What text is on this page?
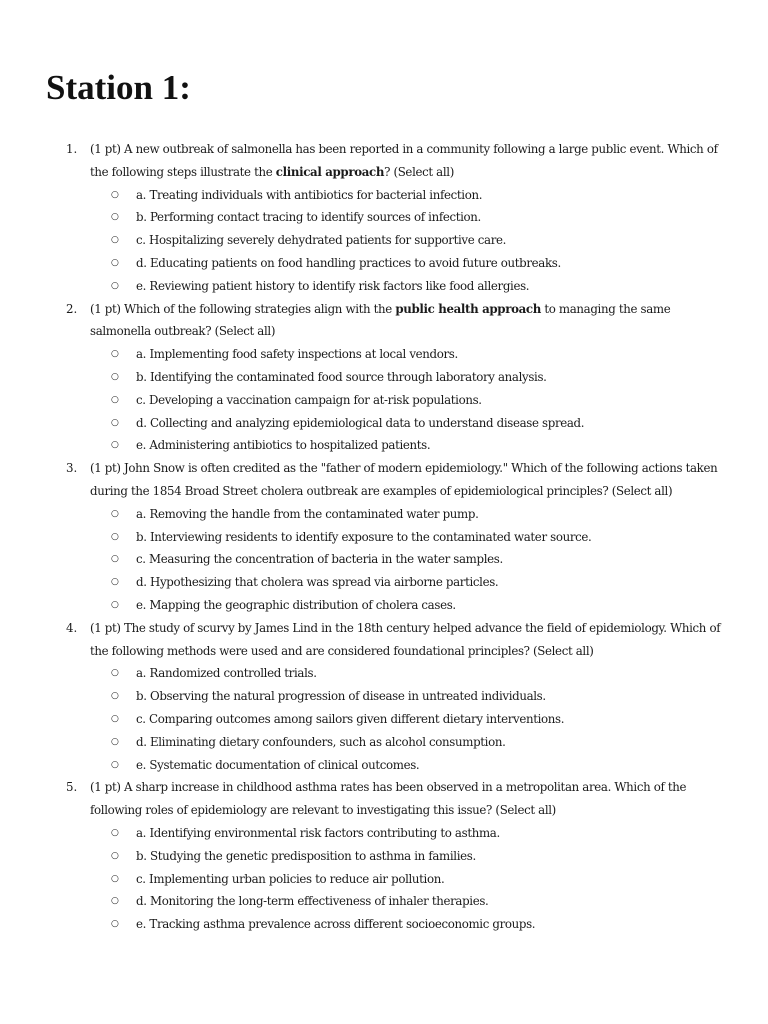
Station 1:
1.	(1 pt) A new outbreak of salmonella has been reported in a community following a large public event. Which of the following steps illustrate the clinical approach? (Select all)

○ a. Treating individuals with antibiotics for bacterial infection.
○ b. Performing contact tracing to identify sources of infection.
○ c. Hospitalizing severely dehydrated patients for supportive care.
○ d. Educating patients on food handling practices to avoid future outbreaks.
○ e. Reviewing patient history to identify risk factors like food allergies.
2.	(1 pt) Which of the following strategies align with the public health approach to managing the same salmonella outbreak? (Select all)

○ a. Implementing food safety inspections at local vendors.
○ b. Identifying the contaminated food source through laboratory analysis.
○ c. Developing a vaccination campaign for at-risk populations.
○ d. Collecting and analyzing epidemiological data to understand disease spread.
○ e. Administering antibiotics to hospitalized patients.
3.	(1 pt) John Snow is often credited as the "father of modern epidemiology." Which of the following actions taken during the 1854 Broad Street cholera outbreak are examples of epidemiological principles? (Select all)

○ a. Removing the handle from the contaminated water pump.
○ b. Interviewing residents to identify exposure to the contaminated water source.
○ c. Measuring the concentration of bacteria in the water samples.
○ d. Hypothesizing that cholera was spread via airborne particles.
○ e. Mapping the geographic distribution of cholera cases.
4.	(1 pt) The study of scurvy by James Lind in the 18th century helped advance the field of epidemiology. Which of the following methods were used and are considered foundational principles? (Select all)

○ a. Randomized controlled trials.
○ b. Observing the natural progression of disease in untreated individuals.
○ c. Comparing outcomes among sailors given different dietary interventions.
○ d. Eliminating dietary confounders, such as alcohol consumption.
○ e. Systematic documentation of clinical outcomes.
5.	(1 pt) A sharp increase in childhood asthma rates has been observed in a metropolitan area. Which of the following roles of epidemiology are relevant to investigating this issue? (Select all)

○ a. Identifying environmental risk factors contributing to asthma.
○ b. Studying the genetic predisposition to asthma in families.
○ c. Implementing urban policies to reduce air pollution.
○ d. Monitoring the long-term effectiveness of inhaler therapies.
○ e. Tracking asthma prevalence across different socioeconomic groups.
